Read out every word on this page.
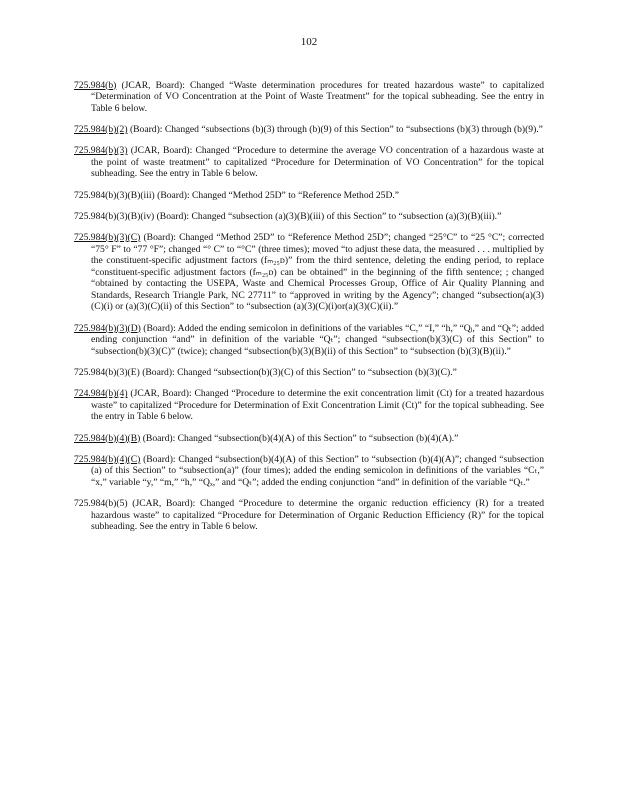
102

725.984(b) (JCAR, Board): Changed “Waste determination procedures for treated hazardous waste” to capitalized “Determination of VO Concentration at the Point of Waste Treatment” for the topical subheading. See the entry in Table 6 below.

725.984(b)(2) (Board): Changed “subsections (b)(3) through (b)(9) of this Section” to “subsections (b)(3) through (b)(9).”

725.984(b)(3) (JCAR, Board): Changed “Procedure to determine the average VO concentration of a hazardous waste at the point of waste treatment” to capitalized “Procedure for Determination of VO Concentration” for the topical subheading. See the entry in Table 6 below.

725.984(b)(3)(B)(iii) (Board): Changed “Method 25D” to “Reference Method 25D.”

725.984(b)(3)(B)(iv) (Board): Changed “subsection (a)(3)(B)(iii) of this Section” to “subsection (a)(3)(B)(iii).”

725.984(b)(3)(C) (Board): Changed “Method 25D” to “Reference Method 25D”; changed “25°C” to “25 °C”; corrected “75° F” to “77 °F”; changed “° C” to “°C” (three times); moved “to adjust these data, the measured . . . multiplied by the constituent-specific adjustment factors (fₘ₂₅ᴅ)” from the third sentence, deleting the ending period, to replace “constituent-specific adjustment factors (fₘ₂₅ᴅ) can be obtained” in the beginning of the fifth sentence; ; changed “obtained by contacting the USEPA, Waste and Chemical Processes Group, Office of Air Quality Planning and Standards, Research Triangle Park, NC 27711” to “approved in writing by the Agency”; changed “subsection(a)(3)(C)(i) or (a)(3)(C)(ii) of this Section” to “subsection (a)(3)(C)(i)or(a)(3)(C)(ii).”

725.984(b)(3)(D) (Board): Added the ending semicolon in definitions of the variables “C,” “I,” “h,” “Qⱼ,” and “Qₜ”; added ending conjunction “and” in definition of the variable “Qₜ”; changed “subsection(b)(3)(C) of this Section” to “subsection(b)(3)(C)” (twice); changed “subsection(b)(3)(B)(ii) of this Section” to “subsection (b)(3)(B)(ii).”

725.984(b)(3)(E) (Board): Changed “subsection(b)(3)(C) of this Section” to “subsection (b)(3)(C).”

724.984(b)(4) (JCAR, Board): Changed “Procedure to determine the exit concentration limit (Ct) for a treated hazardous waste” to capitalized “Procedure for Determination of Exit Concentration Limit (Ct)” for the topical subheading. See the entry in Table 6 below.

725.984(b)(4)(B) (Board): Changed “subsection(b)(4)(A) of this Section” to “subsection (b)(4)(A).”

725.984(b)(4)(C) (Board): Changed “subsection(b)(4)(A) of this Section” to “subsection (b)(4)(A)”; changed “subsection (a) of this Section” to “subsection(a)” (four times); added the ending semicolon in definitions of the variables “Cₜ,” “x,” variable “y,” “m,” “h,” “Qₓ,” and “Qₜ”; added the ending conjunction “and” in definition of the variable “Qₜ.”

725.984(b)(5) (JCAR, Board): Changed “Procedure to determine the organic reduction efficiency (R) for a treated hazardous waste” to capitalized “Procedure for Determination of Organic Reduction Efficiency (R)” for the topical subheading. See the entry in Table 6 below.
